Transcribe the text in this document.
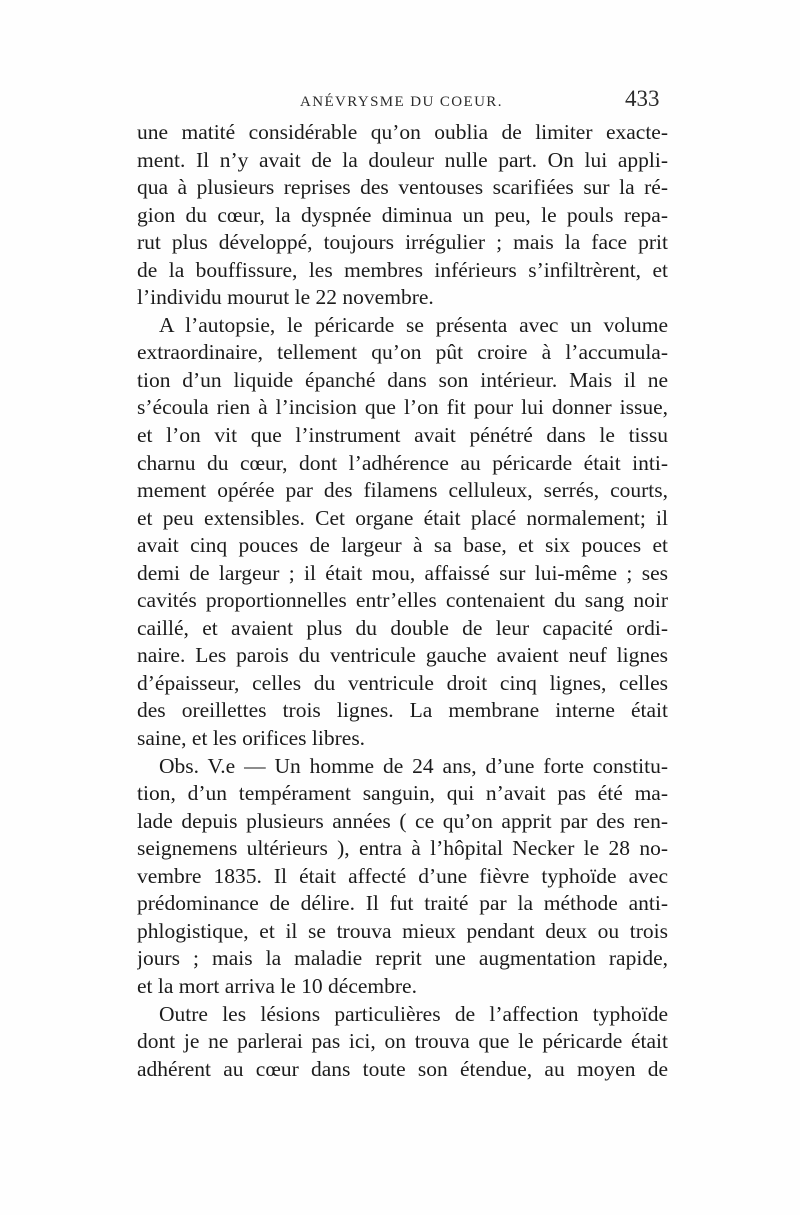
ANÉVRYSME DU COEUR.	433
une matité considérable qu’on oublia de limiter exacte-
ment. Il n’y avait de la douleur nulle part. On lui appli-
qua à plusieurs reprises des ventouses scarifiées sur la ré-
gion du cœur, la dyspnée diminua un peu, le pouls repa-
rut plus développé, toujours irrégulier ; mais la face prit
de la bouffissure, les membres inférieurs s’infiltrèrent, et
l’individu mourut le 22 novembre.
A l’autopsie, le péricarde se présenta avec un volume
extraordinaire, tellement qu’on pût croire à l’accumula-
tion d’un liquide épanché dans son intérieur. Mais il ne
s’écoula rien à l’incision que l’on fit pour lui donner issue,
et l’on vit que l’instrument avait pénétré dans le tissu
charnu du cœur, dont l’adhérence au péricarde était inti-
mement opérée par des filamens celluleux, serrés, courts,
et peu extensibles. Cet organe était placé normalement; il
avait cinq pouces de largeur à sa base, et six pouces et
demi de largeur ; il était mou, affaissé sur lui-même ; ses
cavités proportionnelles entr’elles contenaient du sang noir
caillé, et avaient plus du double de leur capacité ordi-
naire. Les parois du ventricule gauche avaient neuf lignes
d’épaisseur, celles du ventricule droit cinq lignes, celles
des oreillettes trois lignes. La membrane interne était
saine, et les orifices libres.
Obs. V.e — Un homme de 24 ans, d’une forte constitu-
tion, d’un tempérament sanguin, qui n’avait pas été ma-
lade depuis plusieurs années ( ce qu’on apprit par des ren-
seignemens ultérieurs ), entra à l’hôpital Necker le 28 no-
vembre 1835. Il était affecté d’une fièvre typhoïde avec
prédominance de délire. Il fut traité par la méthode anti-
phlogistique, et il se trouva mieux pendant deux ou trois
jours ; mais la maladie reprit une augmentation rapide,
et la mort arriva le 10 décembre.
Outre les lésions particulières de l’affection typhoïde
dont je ne parlerai pas ici, on trouva que le péricarde était
adhérent au cœur dans toute son étendue, au moyen de
